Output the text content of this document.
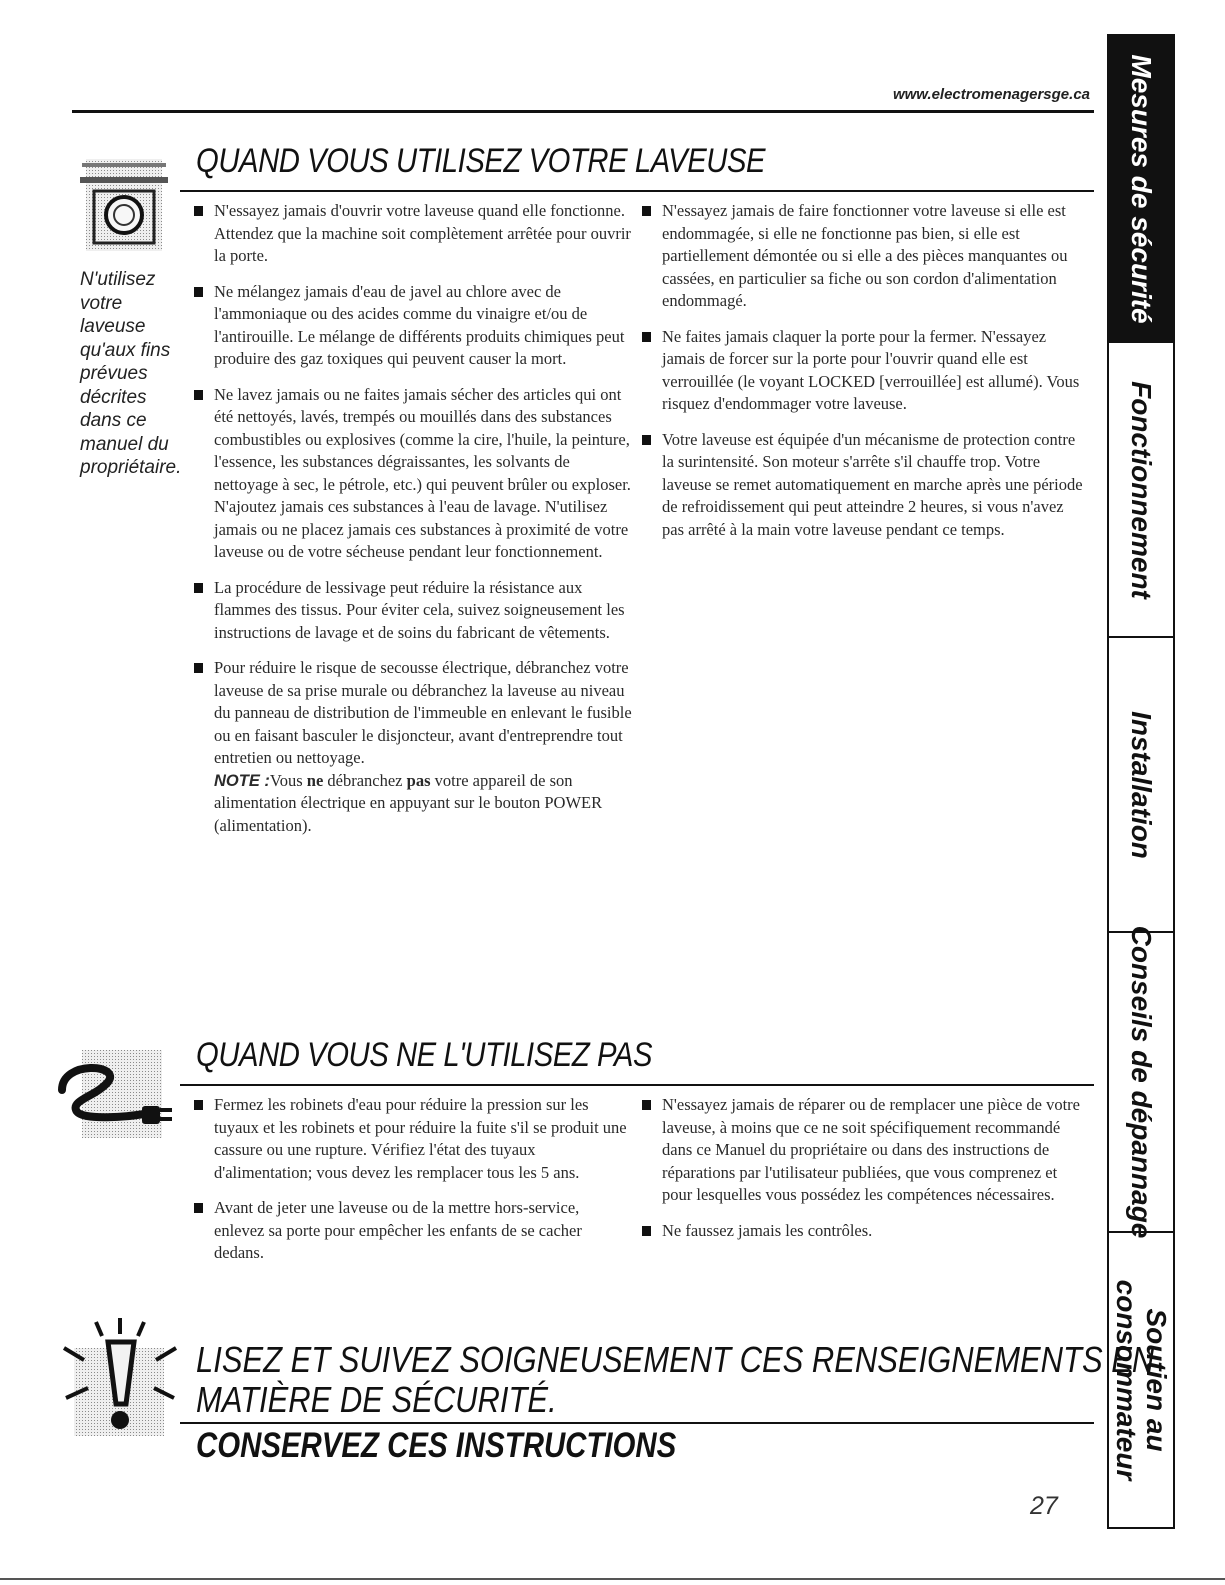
www.electromenagersge.ca
QUAND VOUS UTILISEZ VOTRE LAVEUSE
N'utilisez votre laveuse qu'aux fins prévues décrites dans ce manuel du propriétaire.
N'essayez jamais d'ouvrir votre laveuse quand elle fonctionne. Attendez que la machine soit complètement arrêtée pour ouvrir la porte.
Ne mélangez jamais d'eau de javel au chlore avec de l'ammoniaque ou des acides comme du vinaigre et/ou de l'antirouille. Le mélange de différents produits chimiques peut produire des gaz toxiques qui peuvent causer la mort.
Ne lavez jamais ou ne faites jamais sécher des articles qui ont été nettoyés, lavés, trempés ou mouillés dans des substances combustibles ou explosives (comme la cire, l'huile, la peinture, l'essence, les substances dégraissantes, les solvants de nettoyage à sec, le pétrole, etc.) qui peuvent brûler ou exploser. N'ajoutez jamais ces substances à l'eau de lavage. N'utilisez jamais ou ne placez jamais ces substances à proximité de votre laveuse ou de votre sécheuse pendant leur fonctionnement.
La procédure de lessivage peut réduire la résistance aux flammes des tissus. Pour éviter cela, suivez soigneusement les instructions de lavage et de soins du fabricant de vêtements.
Pour réduire le risque de secousse électrique, débranchez votre laveuse de sa prise murale ou débranchez la laveuse au niveau du panneau de distribution de l'immeuble en enlevant le fusible ou en faisant basculer le disjoncteur, avant d'entreprendre tout entretien ou nettoyage.
NOTE :Vous ne débranchez pas votre appareil de son alimentation électrique en appuyant sur le bouton POWER (alimentation).
N'essayez jamais de faire fonctionner votre laveuse si elle est endommagée, si elle ne fonctionne pas bien, si elle est partiellement démontée ou si elle a des pièces manquantes ou cassées, en particulier sa fiche ou son cordon d'alimentation endommagé.
Ne faites jamais claquer la porte pour la fermer. N'essayez jamais de forcer sur la porte pour l'ouvrir quand elle est verrouillée (le voyant LOCKED [verrouillée] est allumé). Vous risquez d'endommager votre laveuse.
Votre laveuse est équipée d'un mécanisme de protection contre la surintensité. Son moteur s'arrête s'il chauffe trop. Votre laveuse se remet automatiquement en marche après une période de refroidissement qui peut atteindre 2 heures, si vous n'avez pas arrêté à la main votre laveuse pendant ce temps.
QUAND VOUS NE L'UTILISEZ PAS
Fermez les robinets d'eau pour réduire la pression sur les tuyaux et les robinets et pour réduire la fuite s'il se produit une cassure ou une rupture. Vérifiez l'état des tuyaux d'alimentation; vous devez les remplacer tous les 5 ans.
Avant de jeter une laveuse ou de la mettre hors-service, enlevez sa porte pour empêcher les enfants de se cacher dedans.
N'essayez jamais de réparer ou de remplacer une pièce de votre laveuse, à moins que ce ne soit spécifiquement recommandé dans ce Manuel du propriétaire ou dans des instructions de réparations par l'utilisateur publiées, que vous comprenez et pour lesquelles vous possédez les compétences nécessaires.
Ne faussez jamais les contrôles.
LISEZ ET SUIVEZ SOIGNEUSEMENT CES RENSEIGNEMENTS EN
MATIÈRE DE SÉCURITÉ.
CONSERVEZ CES INSTRUCTIONS
27
Mesures de sécurité
Fonctionnement
Installation
Conseils de dépannage
Soutien au consommateur
